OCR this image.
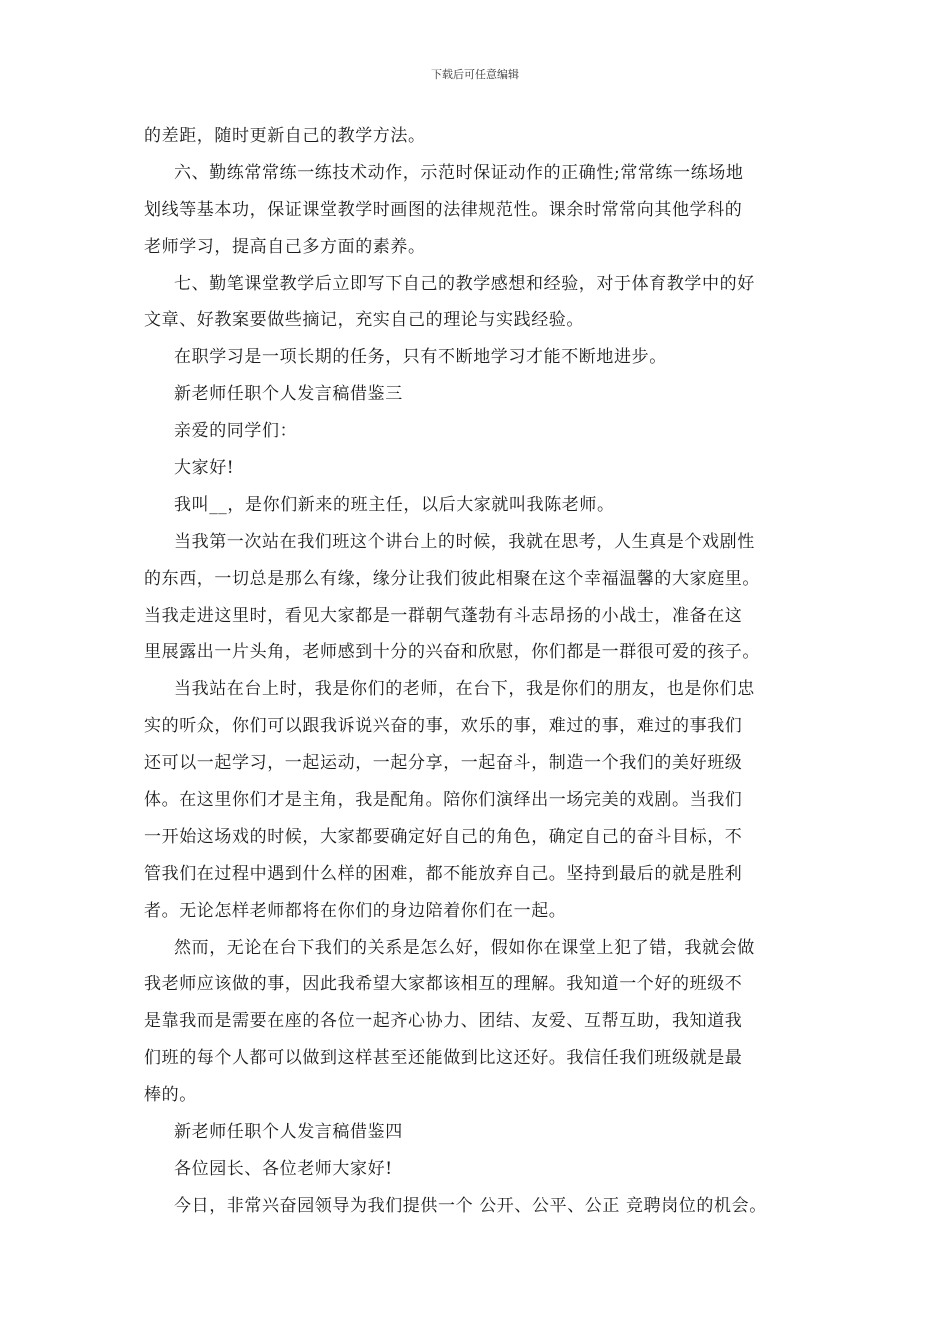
下载后可任意编辑
的差距，随时更新自己的教学方法。
六、勤练常常练一练技术动作，示范时保证动作的正确性;常常练一练场地
划线等基本功，保证课堂教学时画图的法律规范性。课余时常常向其他学科的
老师学习，提高自己多方面的素养。
七、勤笔课堂教学后立即写下自己的教学感想和经验，对于体育教学中的好
文章、好教案要做些摘记，充实自己的理论与实践经验。
在职学习是一项长期的任务，只有不断地学习才能不断地进步。
新老师任职个人发言稿借鉴三
亲爱的同学们：
大家好!
我叫__，是你们新来的班主任，以后大家就叫我陈老师。
当我第一次站在我们班这个讲台上的时候，我就在思考，人生真是个戏剧性
的东西，一切总是那么有缘，缘分让我们彼此相聚在这个幸福温馨的大家庭里。
当我走进这里时，看见大家都是一群朝气蓬勃有斗志昂扬的小战士，准备在这
里展露出一片头角，老师感到十分的兴奋和欣慰，你们都是一群很可爱的孩子。
当我站在台上时，我是你们的老师，在台下，我是你们的朋友，也是你们忠
实的听众，你们可以跟我诉说兴奋的事，欢乐的事，难过的事，难过的事我们
还可以一起学习，一起运动，一起分享，一起奋斗，制造一个我们的美好班级
体。在这里你们才是主角，我是配角。陪你们演绎出一场完美的戏剧。当我们
一开始这场戏的时候，大家都要确定好自己的角色，确定自己的奋斗目标，不
管我们在过程中遇到什么样的困难，都不能放弃自己。坚持到最后的就是胜利
者。无论怎样老师都将在你们的身边陪着你们在一起。
然而，无论在台下我们的关系是怎么好，假如你在课堂上犯了错，我就会做
我老师应该做的事，因此我希望大家都该相互的理解。我知道一个好的班级不
是靠我而是需要在座的各位一起齐心协力、团结、友爱、互帮互助，我知道我
们班的每个人都可以做到这样甚至还能做到比这还好。我信任我们班级就是最
棒的。
新老师任职个人发言稿借鉴四
各位园长、各位老师大家好!
今日，非常兴奋园领导为我们提供一个 公开、公平、公正 竞聘岗位的机会。
